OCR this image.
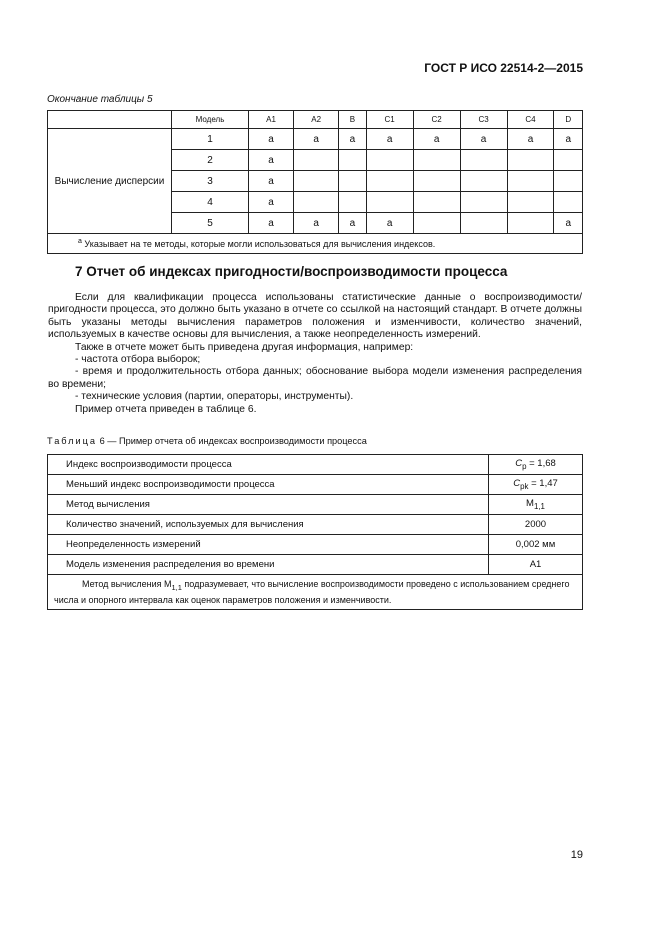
ГОСТ Р ИСО 22514-2—2015
Окончание таблицы 5
	Модель	A1	A2	B	C1	C2	C3	C4	D
Вычисление дисперсии	1	a	a	a	a	a	a	a	a
	2	a							
	3	a							
	4	a							
	5	a	a	a	a				a
$^a$ Указывает на те методы, которые могли использоваться для вычисления индексов.									
7 Отчет об индексах пригодности/воспроизводимости процесса

Если для квалификации процесса использованы статистические данные о воспроизводимости/пригодности процесса, это должно быть указано в отчете со ссылкой на настоящий стандарт. В отчете должны быть указаны методы вычисления параметров положения и изменчивости, количество значений, используемых в качестве основы для вычисления, а также неопределенность измерений.

Также в отчете может быть приведена другая информация, например:

- частота отбора выборок;

- время и продолжительность отбора данных; обоснование выбора модели изменения распределения во времени;

- технические условия (партии, операторы, инструменты).

Пример отчета приведен в таблице 6.

Таблица 6 — Пример отчета об индексах воспроизводимости процесса
Индекс воспроизводимости процесса	$C_p = 1,68$
Меньший индекс воспроизводимости процесса	$C_{pk} = 1,47$
Метод вычисления	$M_{1,1}$
Количество значений, используемых для вычисления	2000
Неопределенность измерений	0,002 мм
Модель изменения распределения во времени	A1
Метод вычисления $M_{1,1}$ подразумевает, что вычисление воспроизводимости проведено с использованием среднего числа и опорного интервала как оценок параметров положения и изменчивости.	
19
